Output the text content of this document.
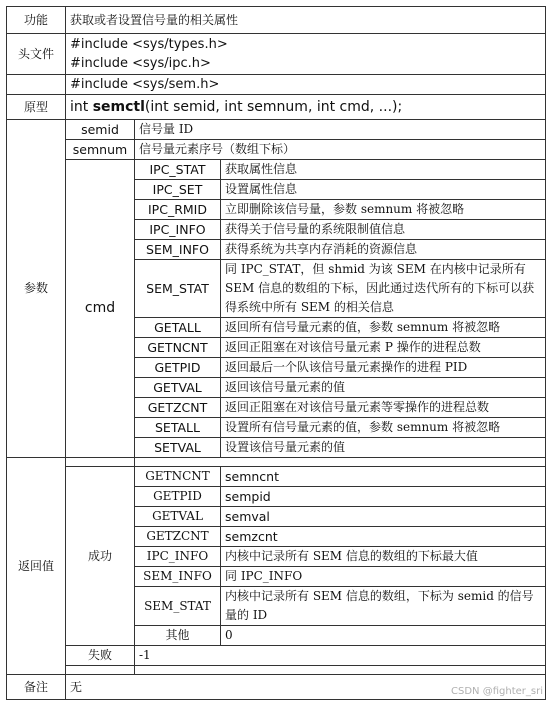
功能	获取或者设置信号量的相关属性		
头文件	#include <sys/types.h>
#include <sys/ipc.h>		

	#include <sys/sem.h>		
原型	int semctl(int semid, int semnum, int cmd, ...);		
参数	semid	信号量 ID	
	semnum	信号量元素序号（数组下标）	
	cmd	IPC_STAT	获取属性信息
		IPC_SET	设置属性信息
		IPC_RMID	立即删除该信号量，参数 semnum 将被忽略
		IPC_INFO	获得关于信号量的系统限制值信息
		SEM_INFO	获得系统为共享内存消耗的资源信息
		SEM_STAT	同 IPC_STAT，但 shmid 为该 SEM 在内核中记录所有 SEM 信息的数组的下标，因此通过迭代所有的下标可以获得系统中所有 SEM 的相关信息
		GETALL	返回所有信号量元素的值，参数 semnum 将被忽略
		GETNCNT	返回正阻塞在对该信号量元素 P 操作的进程总数
		GETPID	返回最后一个队该信号量元素操作的进程 PID
		GETVAL	返回该信号量元素的值
		GETZCNT	返回正阻塞在对该信号量元素等零操作的进程总数
		SETALL	设置所有信号量元素的值，参数 semnum 将被忽略
		SETVAL	设置该信号量元素的值
返回值			
	成功	GETNCNT	semncnt
		GETPID	sempid
		GETVAL	semval
		GETZCNT	semzcnt
		IPC_INFO	内核中记录所有 SEM 信息的数组的下标最大值
		SEM_INFO	同 IPC_INFO
		SEM_STAT	内核中记录所有 SEM 信息的数组，下标为 semid 的信号量的 ID
		其他	0
	失败	-1	

备注	无			CSDN @fighter_sri
